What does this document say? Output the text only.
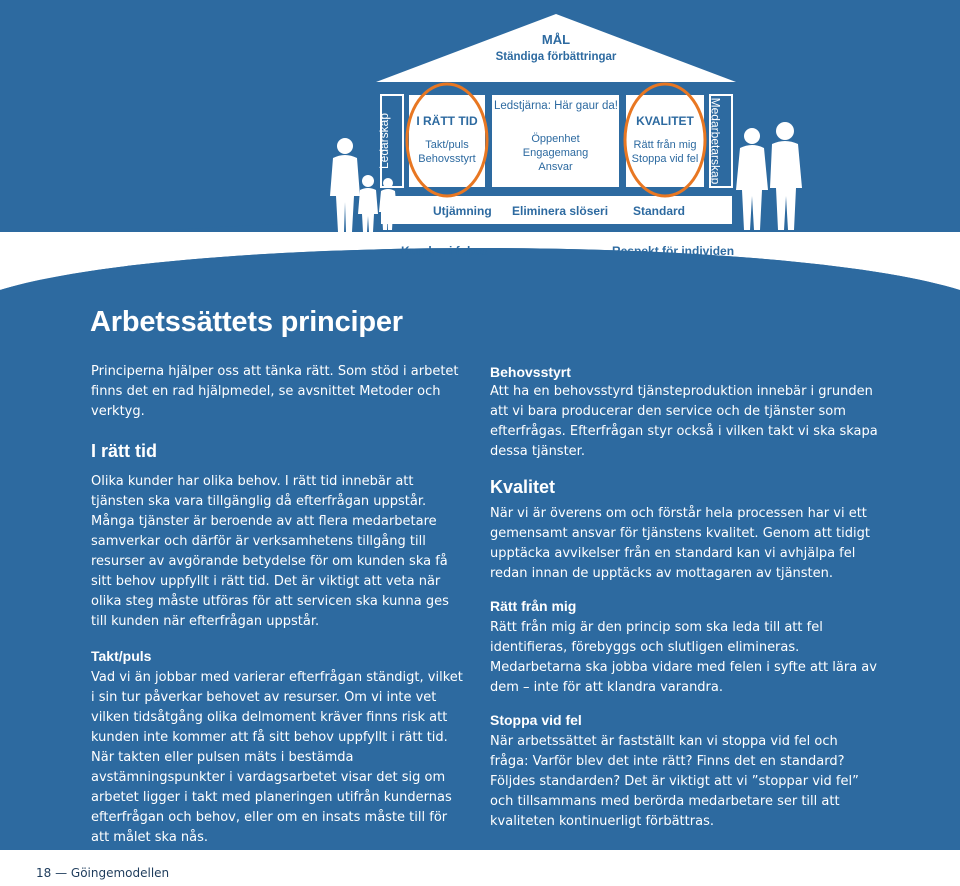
MÅL
Ständiga förbättringar
I RÄTT TID
Takt/puls
Behovsstyrt
Ledstjärna: Här gaur da!
Öppenhet
Engagemang
Ansvar
KVALITET
Rätt från mig
Stoppa vid fel
Ledarskap	Medarbetarskap
Utjämning Eliminera slöseri Standard
Kunden i fokus	Respekt för individen
Arbetssättets principer

Principerna hjälper oss att tänka rätt. Som stöd i arbetet finns det en rad hjälpmedel, se avsnittet Metoder och verktyg.

I rätt tid

Olika kunder har olika behov. I rätt tid innebär att tjänsten ska vara tillgänglig då efterfrågan uppstår. Många tjänster är beroende av att flera medarbetare samverkar och därför är verksamhetens tillgång till resurser av avgörande betydelse för om kunden ska få sitt behov uppfyllt i rätt tid. Det är viktigt att veta när olika steg måste utföras för att servicen ska kunna ges till kunden när efterfrågan uppstår.

Takt/puls

Vad vi än jobbar med varierar efterfrågan ständigt, vilket i sin tur påverkar behovet av resurser. Om vi inte vet vilken tidsåtgång olika delmoment kräver finns risk att kunden inte kommer att få sitt behov uppfyllt i rätt tid. När takten eller pulsen mäts i bestämda avstämningspunkter i vardagsarbetet visar det sig om arbetet ligger i takt med planeringen utifrån kundernas efterfrågan och behov, eller om en insats måste till för att målet ska nås.

Behovsstyrt

Att ha en behovsstyrd tjänsteproduktion innebär i grunden att vi bara producerar den service och de tjänster som efterfrågas. Efterfrågan styr också i vilken takt vi ska skapa dessa tjänster.

Kvalitet

När vi är överens om och förstår hela processen har vi ett gemensamt ansvar för tjänstens kvalitet. Genom att tidigt upptäcka avvikelser från en standard kan vi avhjälpa fel redan innan de upptäcks av mottagaren av tjänsten.

Rätt från mig

Rätt från mig är den princip som ska leda till att fel identifieras, förebyggs och slutligen elimineras. Medarbetarna ska jobba vidare med felen i syfte att lära av dem – inte för att klandra varandra.

Stoppa vid fel

När arbetssättet är fastställt kan vi stoppa vid fel och fråga: Varför blev det inte rätt? Finns det en standard? Följdes standarden? Det är viktigt att vi ”stoppar vid fel” och tillsammans med berörda medarbetare ser till att kvaliteten kontinuerligt förbättras.

18 — Göingemodellen
